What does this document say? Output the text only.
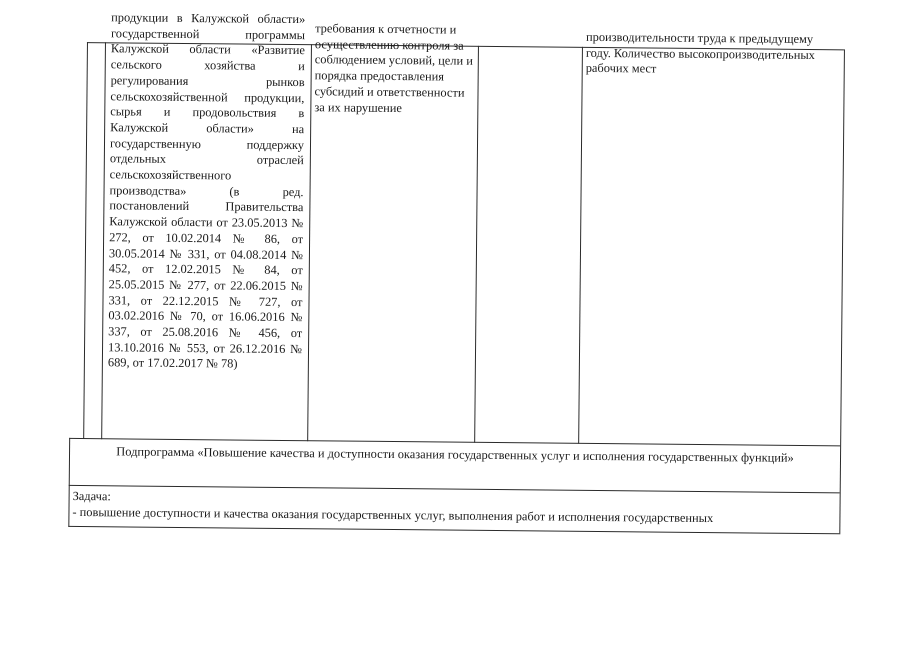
продукции в Калужской области» государственной программы Калужской области «Развитие сельского хозяйства и регулирования рынков сельскохозяйственной продукции, сырья и продовольствия в Калужской области» на государственную поддержку отдельных отраслей сельскохозяйственного производства» (в ред. постановлений Правительства Калужской области от 23.05.2013 № 272, от 10.02.2014 № 86, от 30.05.2014 № 331, от 04.08.2014 № 452, от 12.02.2015 № 84, от 25.05.2015 № 277, от 22.06.2015 № 331, от 22.12.2015 № 727, от 03.02.2016 № 70, от 16.06.2016 № 337, от 25.08.2016 № 456, от 13.10.2016 № 553, от 26.12.2016 № 689, от 17.02.2017 № 78)
требования к отчетности и осуществлению контроля за соблюдением условий, цели и порядка предоставления субсидий и ответственности за их нарушение
производительности труда к предыдущему году. Количество высокопроизводительных рабочих мест
Подпрограмма «Повышение качества и доступности оказания государственных услуг и исполнения государственных функций»
Задача:
- повышение доступности и качества оказания государственных услуг, выполнения работ и исполнения государственных
